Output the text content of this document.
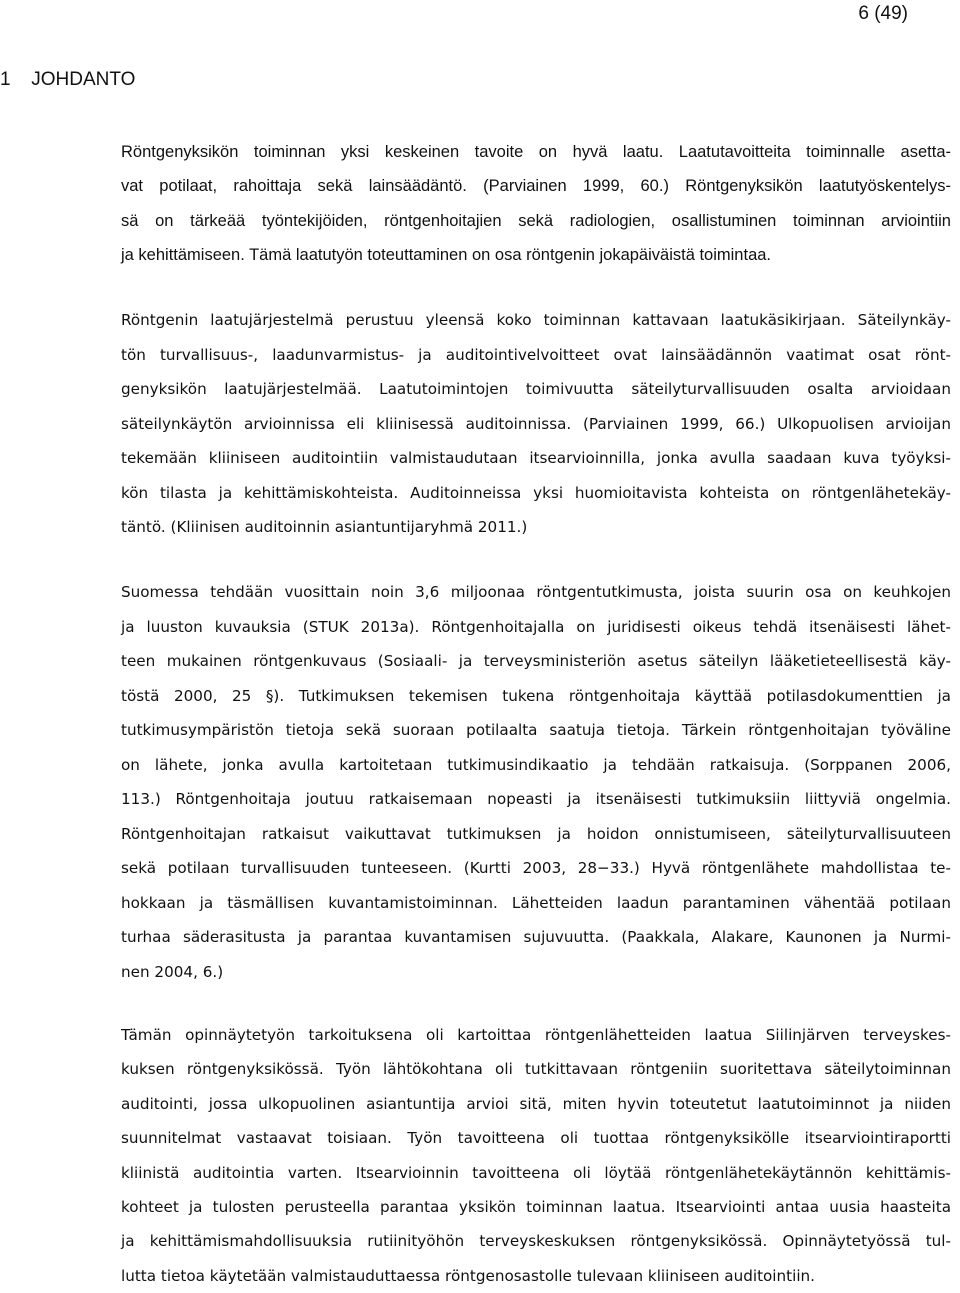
6 (49)
1 JOHDANTO
Röntgenyksikön toiminnan yksi keskeinen tavoite on hyvä laatu. Laatutavoitteita toiminnalle asetta-
vat potilaat, rahoittaja sekä lainsäädäntö. (Parviainen 1999, 60.) Röntgenyksikön laatutyöskentelys-
sä on tärkeää työntekijöiden, röntgenhoitajien sekä radiologien, osallistuminen toiminnan arviointiin
ja kehittämiseen. Tämä laatutyön toteuttaminen on osa röntgenin jokapäiväistä toimintaa.
Röntgenin laatujärjestelmä perustuu yleensä koko toiminnan kattavaan laatukäsikirjaan. Säteilynkäy-
tön turvallisuus-, laadunvarmistus- ja auditointivelvoitteet ovat lainsäädännön vaatimat osat rönt-
genyksikön laatujärjestelmää. Laatutoimintojen toimivuutta säteilyturvallisuuden osalta arvioidaan
säteilynkäytön arvioinnissa eli kliinisessä auditoinnissa. (Parviainen 1999, 66.) Ulkopuolisen arvioijan
tekemään kliiniseen auditointiin valmistaudutaan itsearvioinnilla, jonka avulla saadaan kuva työyksi-
kön tilasta ja kehittämiskohteista. Auditoinneissa yksi huomioitavista kohteista on röntgenlähetekäy-
täntö. (Kliinisen auditoinnin asiantuntijaryhmä 2011.)
Suomessa tehdään vuosittain noin 3,6 miljoonaa röntgentutkimusta, joista suurin osa on keuhkojen
ja luuston kuvauksia (STUK 2013a). Röntgenhoitajalla on juridisesti oikeus tehdä itsenäisesti lähet-
teen mukainen röntgenkuvaus (Sosiaali- ja terveysministeriön asetus säteilyn lääketieteellisestä käy-
töstä 2000, 25 §). Tutkimuksen tekemisen tukena röntgenhoitaja käyttää potilasdokumenttien ja
tutkimusympäristön tietoja sekä suoraan potilaalta saatuja tietoja. Tärkein röntgenhoitajan työväline
on lähete, jonka avulla kartoitetaan tutkimusindikaatio ja tehdään ratkaisuja. (Sorppanen 2006,
113.) Röntgenhoitaja joutuu ratkaisemaan nopeasti ja itsenäisesti tutkimuksiin liittyviä ongelmia.
Röntgenhoitajan ratkaisut vaikuttavat tutkimuksen ja hoidon onnistumiseen, säteilyturvallisuuteen
sekä potilaan turvallisuuden tunteeseen. (Kurtti 2003, 28−33.) Hyvä röntgenlähete mahdollistaa te-
hokkaan ja täsmällisen kuvantamistoiminnan. Lähetteiden laadun parantaminen vähentää potilaan
turhaa säderasitusta ja parantaa kuvantamisen sujuvuutta. (Paakkala, Alakare, Kaunonen ja Nurmi-
nen 2004, 6.)
Tämän opinnäytetyön tarkoituksena oli kartoittaa röntgenlähetteiden laatua Siilinjärven terveyskes-
kuksen röntgenyksikössä. Työn lähtökohtana oli tutkittavaan röntgeniin suoritettava säteilytoiminnan
auditointi, jossa ulkopuolinen asiantuntija arvioi sitä, miten hyvin toteutetut laatutoiminnot ja niiden
suunnitelmat vastaavat toisiaan. Työn tavoitteena oli tuottaa röntgenyksikölle itsearviointiraportti
kliinistä auditointia varten. Itsearvioinnin tavoitteena oli löytää röntgenlähetekäytännön kehittämis-
kohteet ja tulosten perusteella parantaa yksikön toiminnan laatua. Itsearviointi antaa uusia haasteita
ja kehittämismahdollisuuksia rutiinityöhön terveyskeskuksen röntgenyksikössä. Opinnäytetyössä tul-
lutta tietoa käytetään valmistauduttaessa röntgenosastolle tulevaan kliiniseen auditointiin.
